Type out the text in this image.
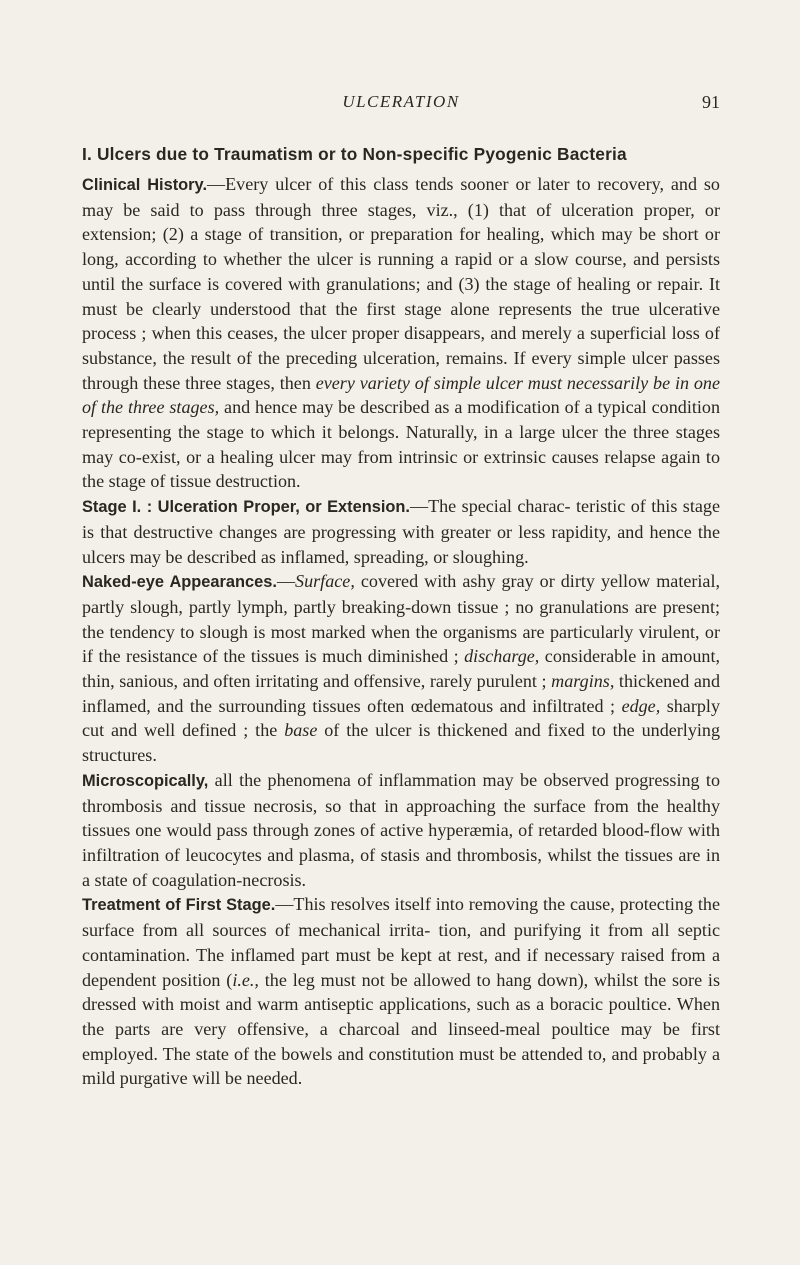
ULCERATION	91
I. Ulcers due to Traumatism or to Non-specific Pyogenic Bacteria

Clinical History.—Every ulcer of this class tends sooner or later to recovery, and so may be said to pass through three stages, viz., (1) that of ulceration proper, or extension; (2) a stage of transition, or preparation for healing, which may be short or long, according to whether the ulcer is running a rapid or a slow course, and persists until the surface is covered with granulations; and (3) the stage of healing or repair. It must be clearly understood that the first stage alone represents the true ulcerative process ; when this ceases, the ulcer proper disappears, and merely a superficial loss of substance, the result of the preceding ulceration, remains. If every simple ulcer passes through these three stages, then every variety of simple ulcer must necessarily be in one of the three stages, and hence may be described as a modification of a typical condition representing the stage to which it belongs. Naturally, in a large ulcer the three stages may co-exist, or a healing ulcer may from intrinsic or extrinsic causes relapse again to the stage of tissue destruction.

Stage I. : Ulceration Proper, or Extension.—The special charac- teristic of this stage is that destructive changes are progressing with greater or less rapidity, and hence the ulcers may be described as inflamed, spreading, or sloughing.

Naked-eye Appearances.—Surface, covered with ashy gray or dirty yellow material, partly slough, partly lymph, partly breaking-down tissue ; no granulations are present; the tendency to slough is most marked when the organisms are particularly virulent, or if the resistance of the tissues is much diminished ; discharge, considerable in amount, thin, sanious, and often irritating and offensive, rarely purulent ; margins, thickened and inflamed, and the surrounding tissues often œdematous and infiltrated ; edge, sharply cut and well defined ; the base of the ulcer is thickened and fixed to the underlying structures.

Microscopically, all the phenomena of inflammation may be observed progressing to thrombosis and tissue necrosis, so that in approaching the surface from the healthy tissues one would pass through zones of active hyperæmia, of retarded blood-flow with infiltration of leucocytes and plasma, of stasis and thrombosis, whilst the tissues are in a state of coagulation-necrosis.

Treatment of First Stage.—This resolves itself into removing the cause, protecting the surface from all sources of mechanical irrita- tion, and purifying it from all septic contamination. The inflamed part must be kept at rest, and if necessary raised from a dependent position (i.e., the leg must not be allowed to hang down), whilst the sore is dressed with moist and warm antiseptic applications, such as a boracic poultice. When the parts are very offensive, a charcoal and linseed-meal poultice may be first employed. The state of the bowels and constitution must be attended to, and probably a mild purgative will be needed.
